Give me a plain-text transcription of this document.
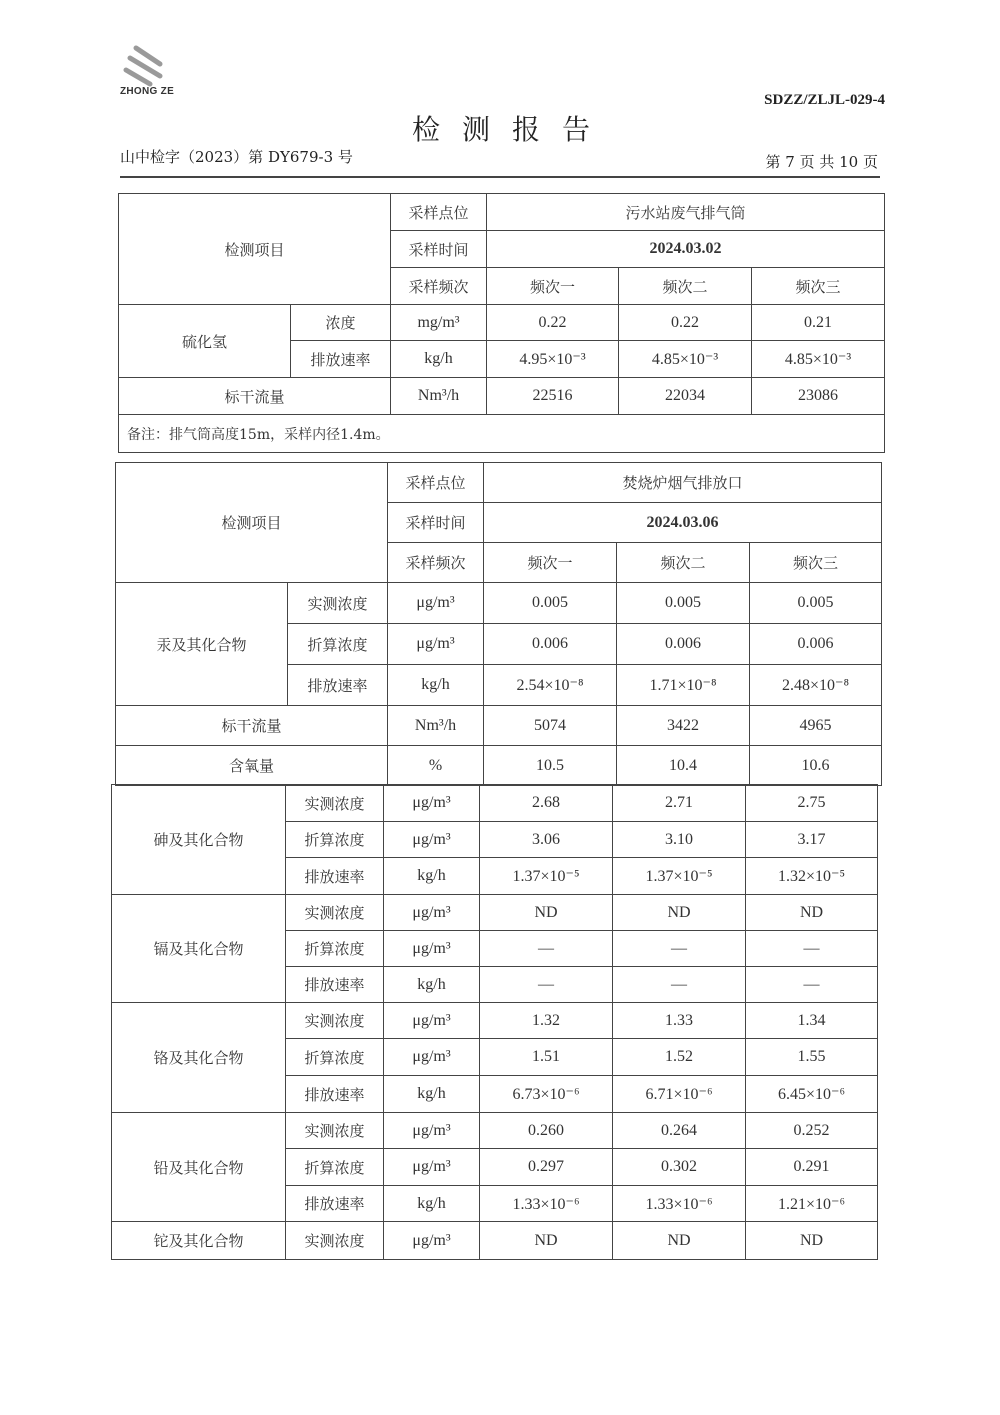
ZHONG ZE
SDZZ/ZLJL-029-4
检测报告
山中检字（2023）第 DY679-3 号	第 7 页 共 10 页
检测项目		采样点位	污水站废气排气筒		
		采样时间	2024.03.02		
		采样频次	频次一	频次二	频次三
硫化氢	浓度	mg/m³	0.22	0.22	0.21
	排放速率	kg/h	4.95×10⁻³	4.85×10⁻³	4.85×10⁻³
标干流量		Nm³/h	22516	22034	23086
备注：排气筒高度15m，采样内径1.4m。					
检测项目		采样点位	焚烧炉烟气排放口		
		采样时间	2024.03.06		
		采样频次	频次一	频次二	频次三
汞及其化合物	实测浓度	μg/m³	0.005	0.005	0.005
	折算浓度	μg/m³	0.006	0.006	0.006
	排放速率	kg/h	2.54×10⁻⁸	1.71×10⁻⁸	2.48×10⁻⁸
标干流量		Nm³/h	5074	3422	4965
含氧量		%	10.5	10.4	10.6
砷及其化合物	实测浓度	μg/m³	2.68	2.71	2.75
	折算浓度	μg/m³	3.06	3.10	3.17
	排放速率	kg/h	1.37×10⁻⁵	1.37×10⁻⁵	1.32×10⁻⁵
镉及其化合物	实测浓度	μg/m³	ND	ND	ND
	折算浓度	μg/m³	—	—	—
	排放速率	kg/h	—	—	—
铬及其化合物	实测浓度	μg/m³	1.32	1.33	1.34
	折算浓度	μg/m³	1.51	1.52	1.55
	排放速率	kg/h	6.73×10⁻⁶	6.71×10⁻⁶	6.45×10⁻⁶
铅及其化合物	实测浓度	μg/m³	0.260	0.264	0.252
	折算浓度	μg/m³	0.297	0.302	0.291
	排放速率	kg/h	1.33×10⁻⁶	1.33×10⁻⁶	1.21×10⁻⁶
铊及其化合物	实测浓度	μg/m³	ND	ND	ND
